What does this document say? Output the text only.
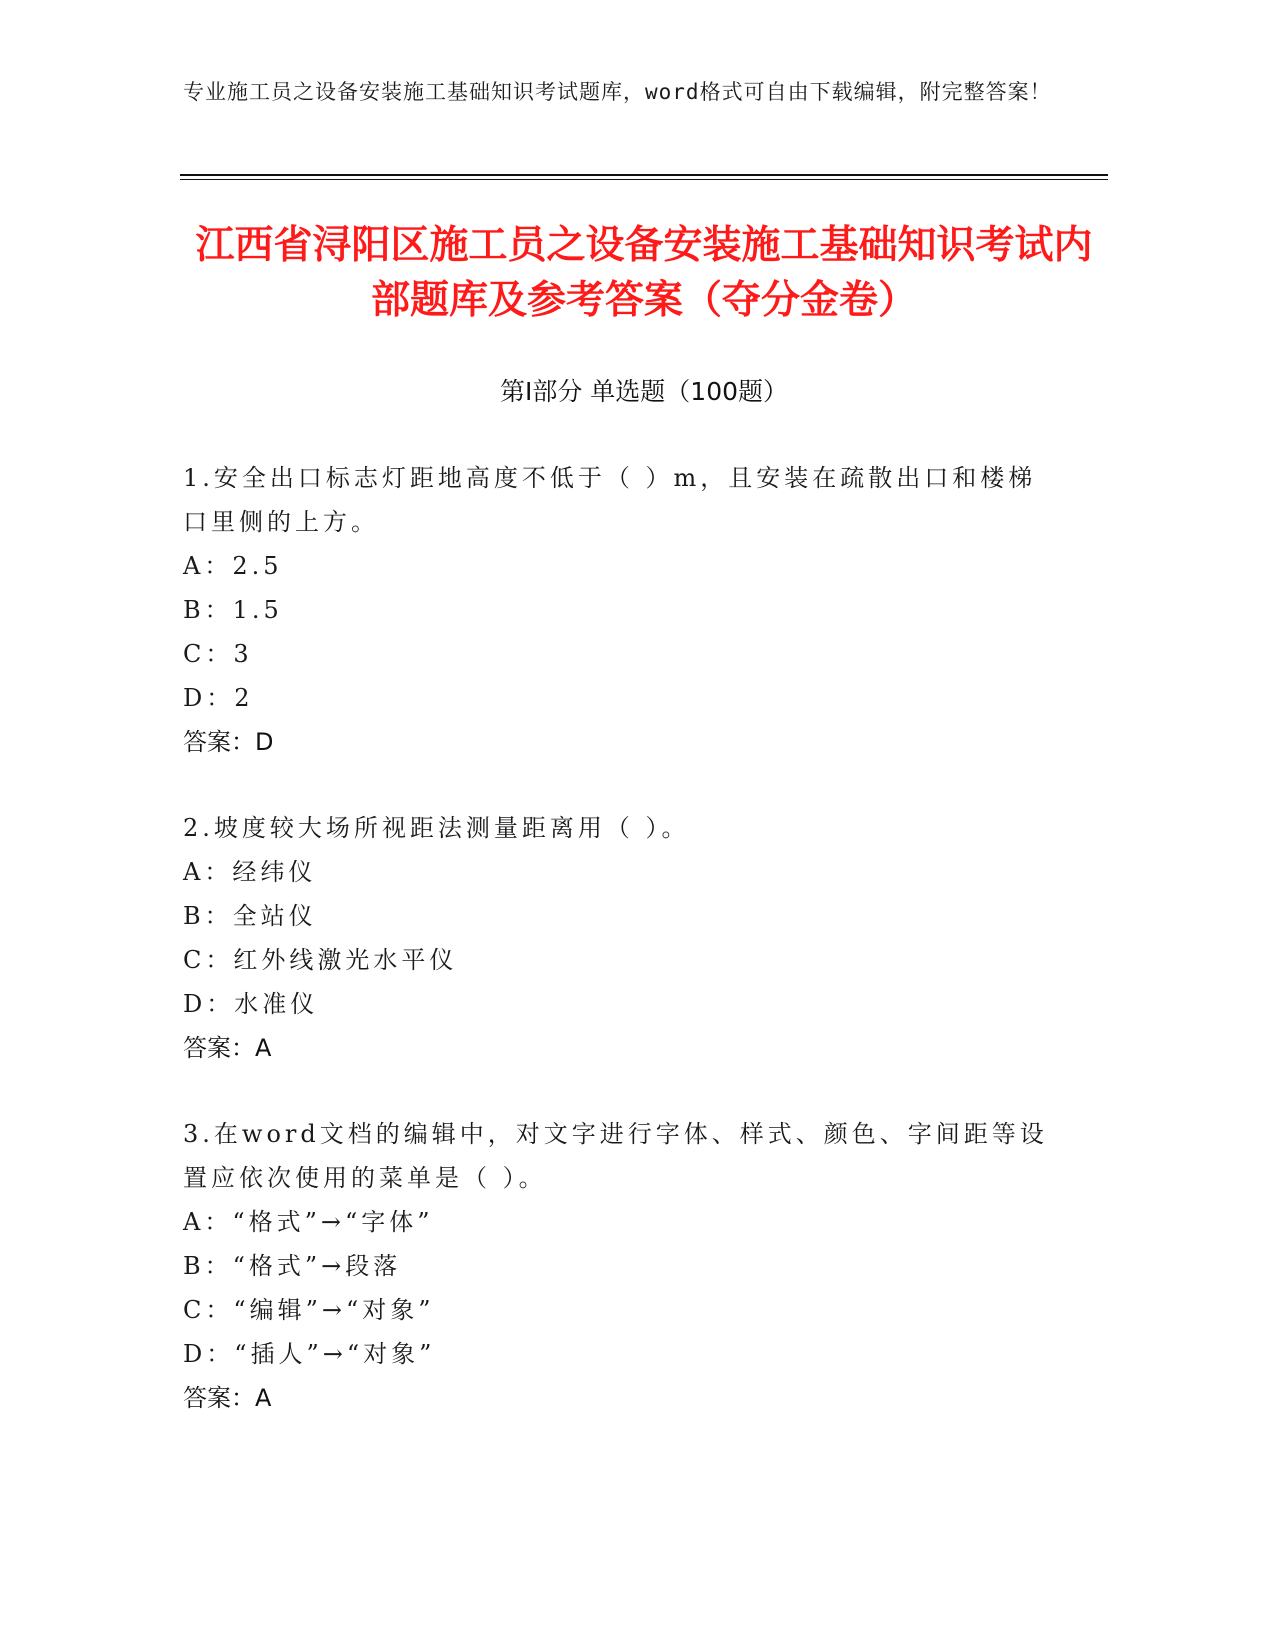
专业施工员之设备安装施工基础知识考试题库，word格式可自由下载编辑，附完整答案！
江西省浔阳区施工员之设备安装施工基础知识考试内部题库及参考答案（夺分金卷）
第Ⅰ部分 单选题（100题）
1.安全出口标志灯距地高度不低于（ ）m，且安装在疏散出口和楼梯口里侧的上方。
A：2.5
B：1.5
C：3
D：2
答案：D
2.坡度较大场所视距法测量距离用（ ）。
A：经纬仪
B：全站仪
C：红外线激光水平仪
D：水准仪
答案：A
3.在word文档的编辑中，对文字进行字体、样式、颜色、字间距等设置应依次使用的菜单是（ ）。
A：“格式”→“字体”
B：“格式”→段落
C：“编辑”→“对象”
D：“插人”→“对象”
答案：A
